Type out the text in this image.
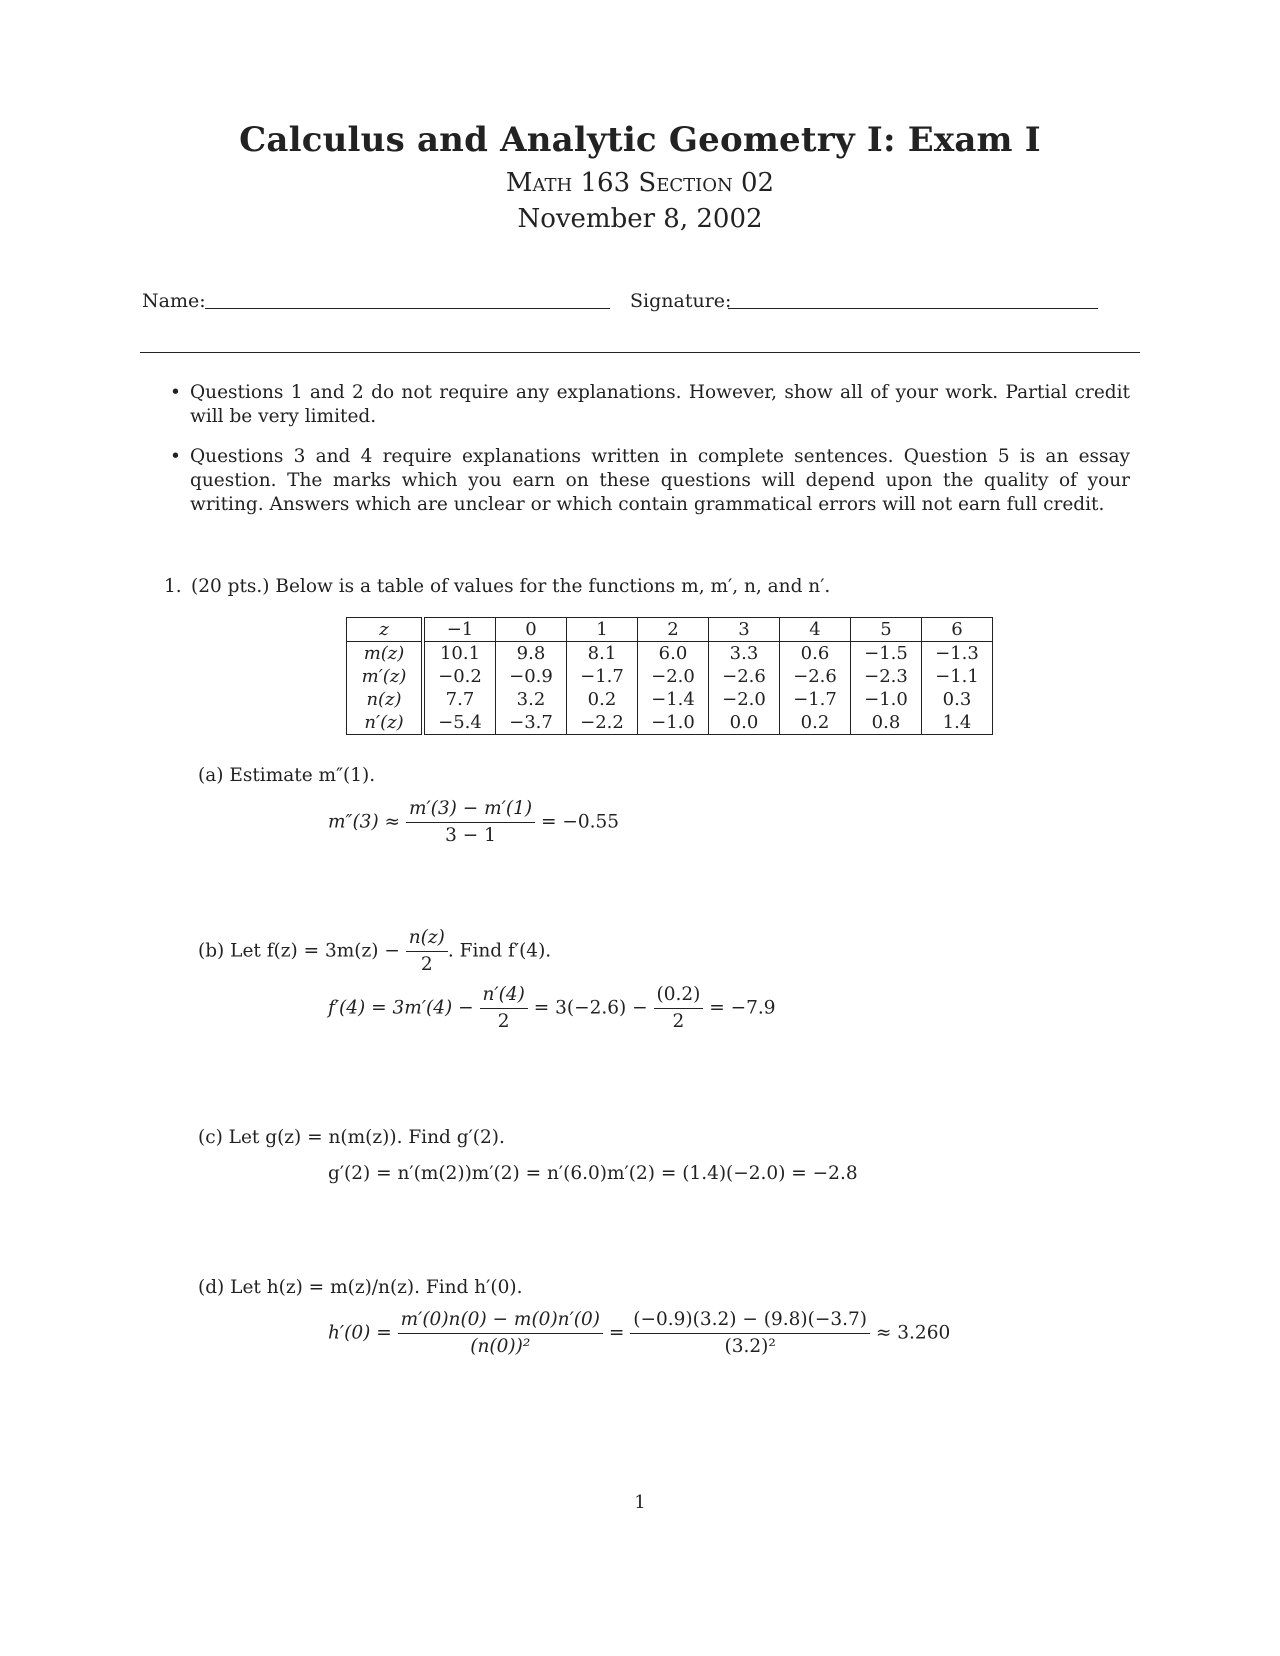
Calculus and Analytic Geometry I: Exam I
Math 163 Section 02
November 8, 2002
Name:	Signature:
• Questions 1 and 2 do not require any explanations. However, show all of your work. Partial credit will be very limited.
• Questions 3 and 4 require explanations written in complete sentences. Question 5 is an essay question. The marks which you earn on these questions will depend upon the quality of your writing. Answers which are unclear or which contain grammatical errors will not earn full credit.
1. (20 pts.) Below is a table of values for the functions m, m′, n, and n′.
z	−1	0	1	2	3	4	5	6
m(z)	10.1	9.8	8.1	6.0	3.3	0.6	−1.5	−1.3
m′(z)	−0.2	−0.9	−1.7	−2.0	−2.6	−2.6	−2.3	−1.1
n(z)	7.7	3.2	0.2	−1.4	−2.0	−1.7	−1.0	0.3
n′(z)	−5.4	−3.7	−2.2	−1.0	0.0	0.2	0.8	1.4
(a) Estimate m″(1).
$m''(3) \approx \frac{m'(3) - m'(1)}{3 - 1} = -0.55$
(b) Let $f(z) = 3m(z) - \frac{n(z)}{2}$ . Find f′(4).
$f'(4) = 3m'(4) - \frac{n'(4)}{2} = 3(-2.6) - \frac{(0.2)}{2} = -7.9$
(c) Let g(z) = n(m(z)). Find g′(2).
g′(2) = n′(m(2))m′(2) = n′(6.0)m′(2) = (1.4)(−2.0) = −2.8
(d) Let h(z) = m(z)/n(z). Find h′(0).
$h'(0) = \frac{m'(0)n(0) - m(0)n'(0)}{\text{(n(0))²}} = \frac{(-0.9)(3.2) - (9.8)(-3.7)}{\text{(3.2)²}} \approx 3.260$
1
